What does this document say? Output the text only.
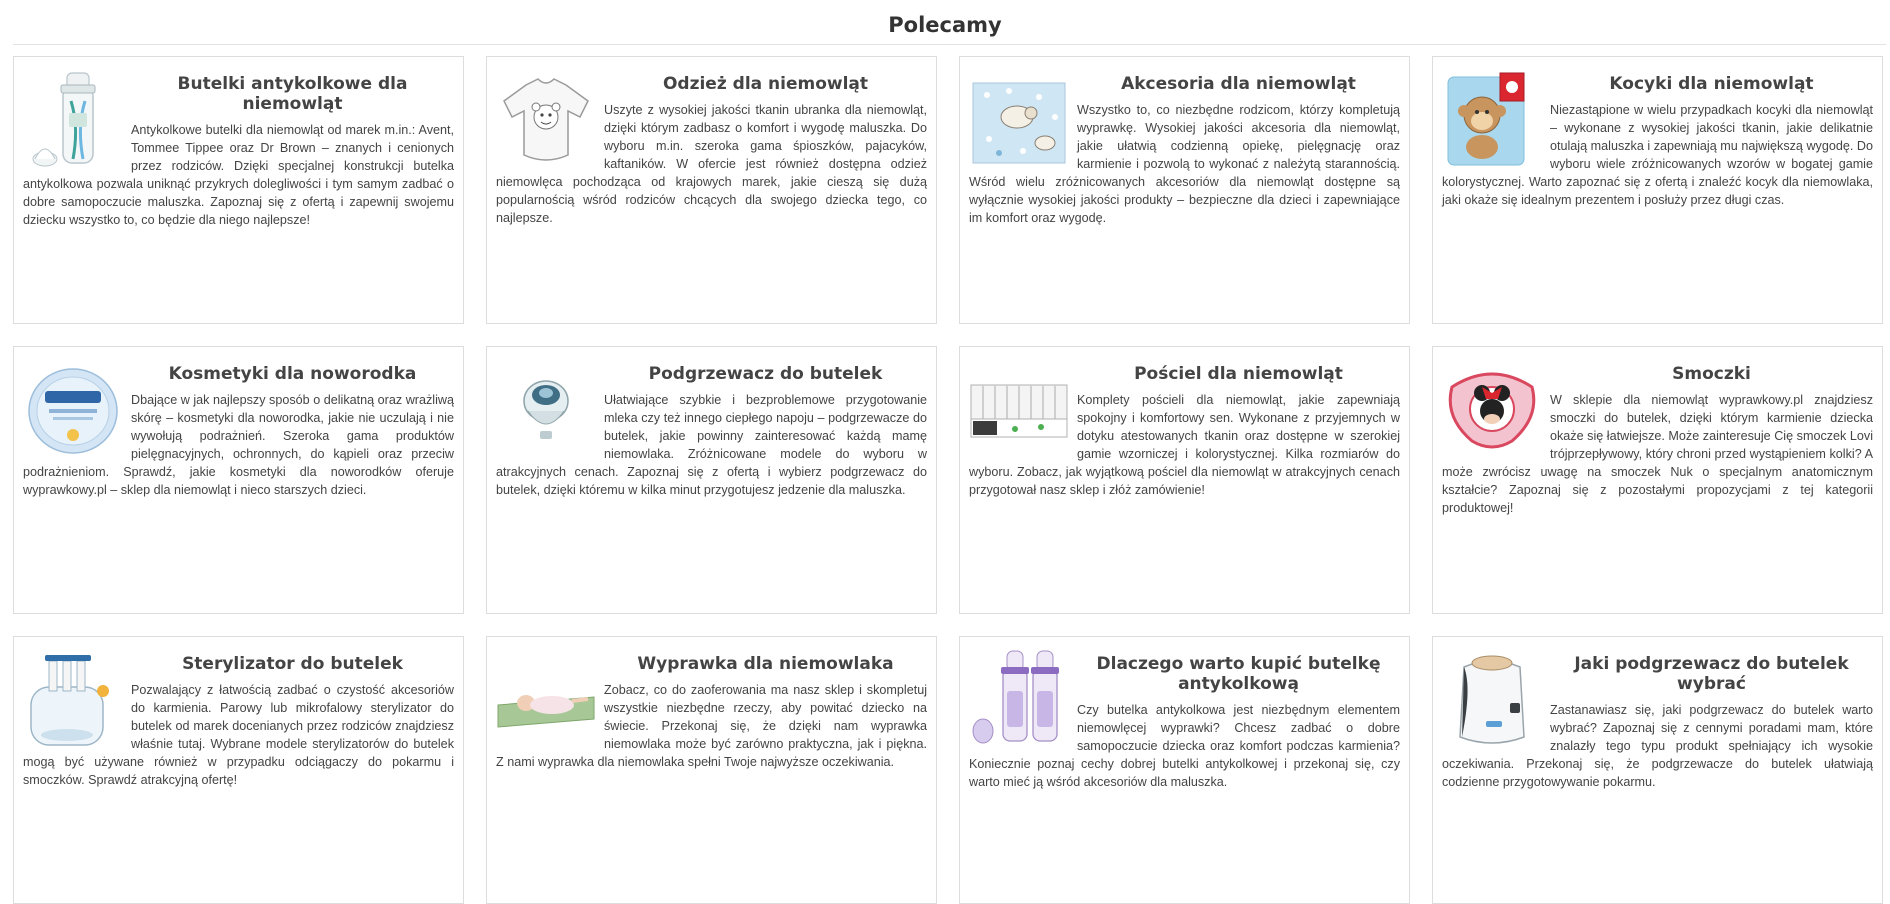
Polecamy
Butelki antykolkowe dla niemowląt

Antykolkowe butelki dla niemowląt od marek m.in.: Avent, Tommee Tippee oraz Dr Brown – znanych i cenionych przez rodziców. Dzięki specjalnej konstrukcji butelka antykolkowa pozwala uniknąć przykrych dolegliwości i tym samym zadbać o dobre samopoczucie maluszka. Zapoznaj się z ofertą i zapewnij swojemu dziecku wszystko to, co będzie dla niego najlepsze!

Odzież dla niemowląt

Uszyte z wysokiej jakości tkanin ubranka dla niemowląt, dzięki którym zadbasz o komfort i wygodę maluszka. Do wyboru m.in. szeroka gama śpioszków, pajacyków, kaftaników. W ofercie jest również dostępna odzież niemowlęca pochodząca od krajowych marek, jakie cieszą się dużą popularnością wśród rodziców chcących dla swojego dziecka tego, co najlepsze.

Akcesoria dla niemowląt

Wszystko to, co niezbędne rodzicom, którzy kompletują wyprawkę. Wysokiej jakości akcesoria dla niemowląt, jakie ułatwią codzienną opiekę, pielęgnację oraz karmienie i pozwolą to wykonać z należytą starannością. Wśród wielu zróżnicowanych akcesoriów dla niemowląt dostępne są wyłącznie wysokiej jakości produkty – bezpieczne dla dzieci i zapewniające im komfort oraz wygodę.

Kocyki dla niemowląt

Niezastąpione w wielu przypadkach kocyki dla niemowląt – wykonane z wysokiej jakości tkanin, jakie delikatnie otulają maluszka i zapewniają mu największą wygodę. Do wyboru wiele zróżnicowanych wzorów w bogatej gamie kolorystycznej. Warto zapoznać się z ofertą i znaleźć kocyk dla niemowlaka, jaki okaże się idealnym prezentem i posłuży przez długi czas.

Kosmetyki dla noworodka

Dbające w jak najlepszy sposób o delikatną oraz wrażliwą skórę – kosmetyki dla noworodka, jakie nie uczulają i nie wywołują podrażnień. Szeroka gama produktów pielęgnacyjnych, ochronnych, do kąpieli oraz przeciw podrażnieniom. Sprawdź, jakie kosmetyki dla noworodków oferuje wyprawkowy.pl – sklep dla niemowląt i nieco starszych dzieci.

Podgrzewacz do butelek

Ułatwiające szybkie i bezproblemowe przygotowanie mleka czy też innego ciepłego napoju – podgrzewacze do butelek, jakie powinny zainteresować każdą mamę niemowlaka. Zróżnicowane modele do wyboru w atrakcyjnych cenach. Zapoznaj się z ofertą i wybierz podgrzewacz do butelek, dzięki któremu w kilka minut przygotujesz jedzenie dla maluszka.

Pościel dla niemowląt

Komplety pościeli dla niemowląt, jakie zapewniają spokojny i komfortowy sen. Wykonane z przyjemnych w dotyku atestowanych tkanin oraz dostępne w szerokiej gamie wzorniczej i kolorystycznej. Kilka rozmiarów do wyboru. Zobacz, jak wyjątkową pościel dla niemowląt w atrakcyjnych cenach przygotował nasz sklep i złóż zamówienie!

Smoczki

W sklepie dla niemowląt wyprawkowy.pl znajdziesz smoczki do butelek, dzięki którym karmienie dziecka okaże się łatwiejsze. Może zainteresuje Cię smoczek Lovi trójprzepływowy, który chroni przed wystąpieniem kolki? A może zwrócisz uwagę na smoczek Nuk o specjalnym anatomicznym kształcie? Zapoznaj się z pozostałymi propozycjami z tej kategorii produktowej!

Sterylizator do butelek

Pozwalający z łatwością zadbać o czystość akcesoriów do karmienia. Parowy lub mikrofalowy sterylizator do butelek od marek docenianych przez rodziców znajdziesz właśnie tutaj. Wybrane modele sterylizatorów do butelek mogą być używane również w przypadku odciągaczy do pokarmu i smoczków. Sprawdź atrakcyjną ofertę!

Wyprawka dla niemowlaka

Zobacz, co do zaoferowania ma nasz sklep i skompletuj wszystkie niezbędne rzeczy, aby powitać dziecko na świecie. Przekonaj się, że dzięki nam wyprawka niemowlaka może być zarówno praktyczna, jak i piękna. Z nami wyprawka dla niemowlaka spełni Twoje najwyższe oczekiwania.

Dlaczego warto kupić butelkę antykolkową

Czy butelka antykolkowa jest niezbędnym elementem niemowlęcej wyprawki? Chcesz zadbać o dobre samopoczucie dziecka oraz komfort podczas karmienia? Koniecznie poznaj cechy dobrej butelki antykolkowej i przekonaj się, czy warto mieć ją wśród akcesoriów dla maluszka.

Jaki podgrzewacz do butelek wybrać

Zastanawiasz się, jaki podgrzewacz do butelek warto wybrać? Zapoznaj się z cennymi poradami mam, które znalazły tego typu produkt spełniający ich wysokie oczekiwania. Przekonaj się, że podgrzewacze do butelek ułatwiają codzienne przygotowywanie pokarmu.
